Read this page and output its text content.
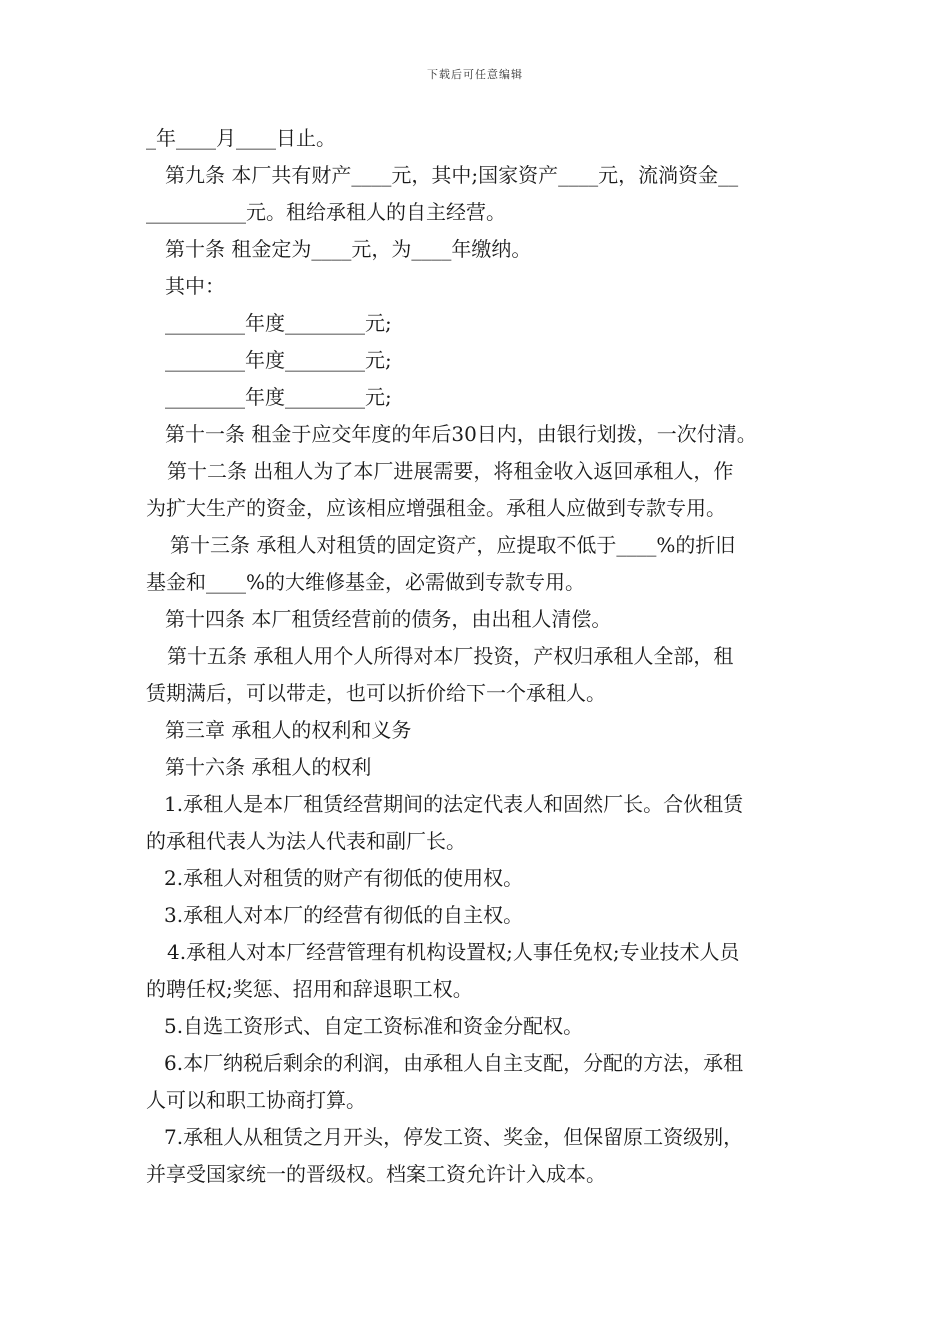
下载后可任意编辑
_年____月____日止。
第九条 本厂共有财产____元，其中;国家资产____元，流淌资金__
__________元。租给承租人的自主经营。
第十条 租金定为____元，为____年缴纳。
其中：
________年度________元;
________年度________元;
________年度________元;
第十一条 租金于应交年度的年后30日内，由银行划拨，一次付清。
第十二条 出租人为了本厂进展需要，将租金收入返回承租人，作
为扩大生产的资金，应该相应增强租金。承租人应做到专款专用。
第十三条 承租人对租赁的固定资产，应提取不低于____%的折旧
基金和____%的大维修基金，必需做到专款专用。
第十四条 本厂租赁经营前的债务，由出租人清偿。
第十五条 承租人用个人所得对本厂投资，产权归承租人全部，租
赁期满后，可以带走，也可以折价给下一个承租人。
第三章 承租人的权利和义务
第十六条 承租人的权利
1.承租人是本厂租赁经营期间的法定代表人和固然厂长。合伙租赁
的承租代表人为法人代表和副厂长。
2.承租人对租赁的财产有彻低的使用权。
3.承租人对本厂的经营有彻低的自主权。
4.承租人对本厂经营管理有机构设置权;人事任免权;专业技术人员
的聘任权;奖惩、招用和辞退职工权。
5.自选工资形式、自定工资标准和资金分配权。
6.本厂纳税后剩余的利润，由承租人自主支配，分配的方法，承租
人可以和职工协商打算。
7.承租人从租赁之月开头，停发工资、奖金，但保留原工资级别，
并享受国家统一的晋级权。档案工资允许计入成本。
